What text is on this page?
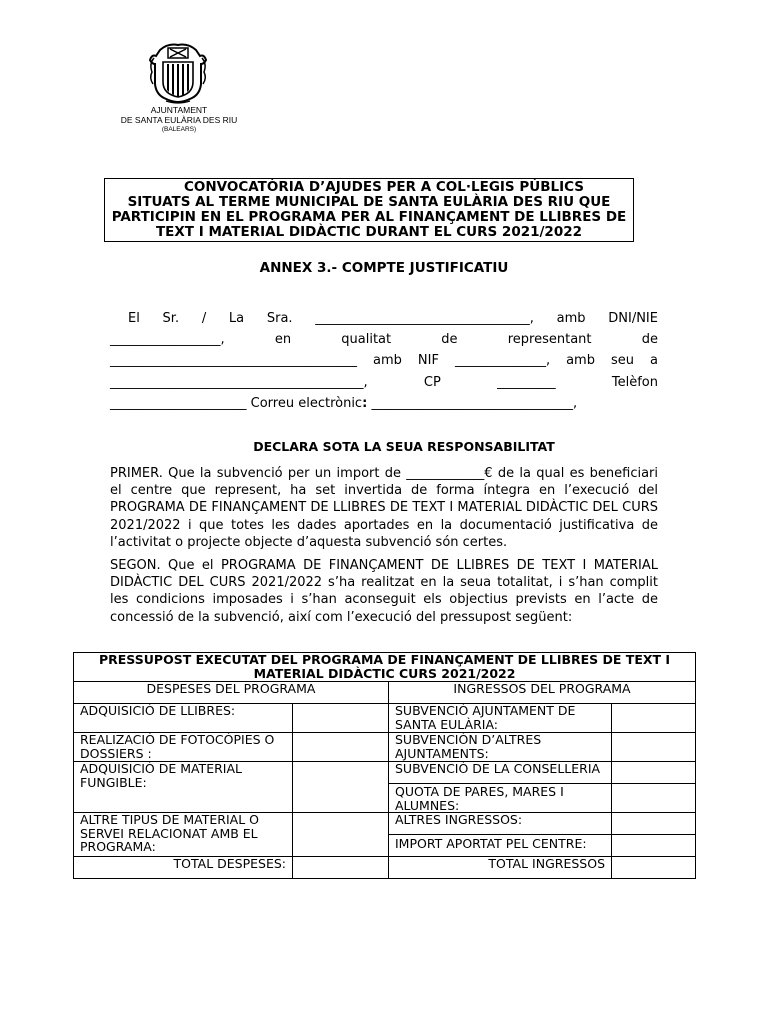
AJUNTAMENT
DE SANTA EULÀRIA DES RIU
(BALEARS)
CONVOCATÒRIA D’AJUDES PER A COL·LEGIS PÚBLICS
SITUATS AL TERME MUNICIPAL DE SANTA EULÀRIA DES RIU QUE
PARTICIPIN EN EL PROGRAMA PER AL FINANÇAMENT DE LLIBRES DE
TEXT I MATERIAL DIDÀCTIC DURANT EL CURS 2021/2022
ANNEX 3.- COMPTE JUSTIFICATIU
El Sr. / La Sra. _________________________________, amb DNI/NIE
_________________,	en	qualitat	de	representant	de
______________________________________ amb NIF ______________, amb seu a
_______________________________________,	CP	_________	Telèfon
_____________________ Correu electrònic: _______________________________,
DECLARA SOTA LA SEUA RESPONSABILITAT
PRIMER. Que la subvenció per un import de ____________€ de la qual es beneficiari
el centre que represent, ha set invertida de forma íntegra en l’execució del
PROGRAMA DE FINANÇAMENT DE LLIBRES DE TEXT I MATERIAL DIDÀCTIC DEL CURS
2021/2022 i que totes les dades aportades en la documentació justificativa de
l’activitat o projecte objecte d’aquesta subvenció són certes.
SEGON. Que el PROGRAMA DE FINANÇAMENT DE LLIBRES DE TEXT I MATERIAL
DIDÀCTIC DEL CURS 2021/2022 s’ha realitzat en la seua totalitat, i s’han complit
les condicions imposades i s’han aconseguit els objectius prevists en l’acte de
concessió de la subvenció, així com l’execució del pressupost següent:
PRESSUPOST EXECUTAT DEL PROGRAMA DE FINANÇAMENT DE LLIBRES DE TEXT I MATERIAL DIDÀCTIC CURS 2021/2022			
DESPESES DEL PROGRAMA		INGRESSOS DEL PROGRAMA	
ADQUISICIÓ DE LLIBRES:		SUBVENCIÓ AJUNTAMENT DE SANTA EULÀRIA:	
REALIZACIÓ DE FOTOCÒPIES O DOSSIERS :		SUBVENCIÓN D’ALTRES AJUNTAMENTS:	
ADQUISICIÓ DE MATERIAL FUNGIBLE:		SUBVENCIÓ DE LA CONSELLERIA	
		QUOTA DE PARES, MARES I ALUMNES:	
ALTRE TIPUS DE MATERIAL O SERVEI RELACIONAT AMB EL PROGRAMA:		ALTRES INGRESSOS:	
		IMPORT APORTAT PEL CENTRE:	
TOTAL DESPESES:		TOTAL INGRESSOS	
